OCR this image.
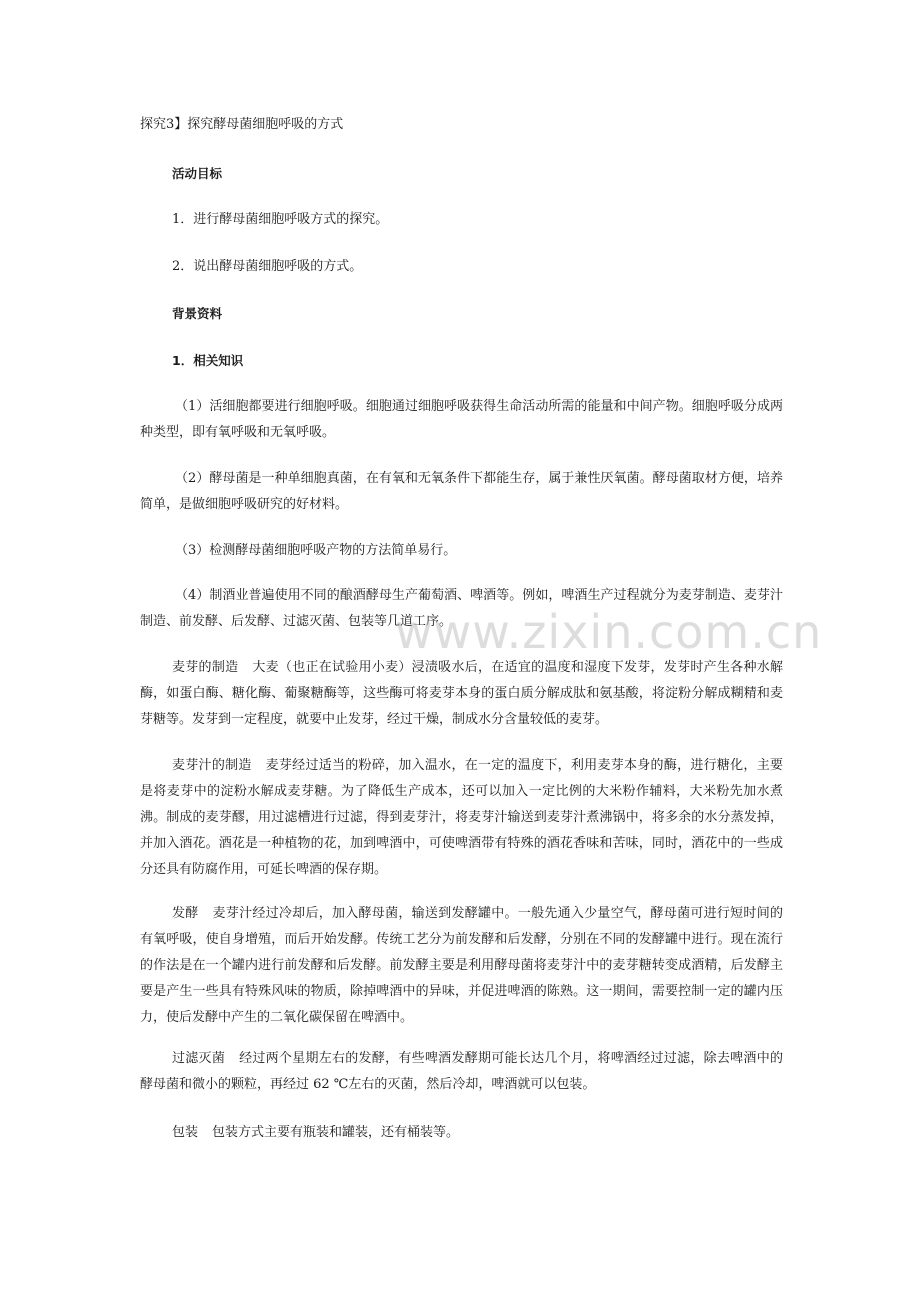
探究3】探究酵母菌细胞呼吸的方式
活动目标
1．进行酵母菌细胞呼吸方式的探究。
2．说出酵母菌细胞呼吸的方式。
背景资料
1．相关知识
（1）活细胞都要进行细胞呼吸。细胞通过细胞呼吸获得生命活动所需的能量和中间产物。细胞呼吸分成两种类型，即有氧呼吸和无氧呼吸。
（2）酵母菌是一种单细胞真菌，在有氧和无氧条件下都能生存，属于兼性厌氧菌。酵母菌取材方便，培养简单，是做细胞呼吸研究的好材料。
（3）检测酵母菌细胞呼吸产物的方法简单易行。
（4）制酒业普遍使用不同的酿酒酵母生产葡萄酒、啤酒等。例如，啤酒生产过程就分为麦芽制造、麦芽汁制造、前发酵、后发酵、过滤灭菌、包装等几道工序。
麦芽的制造 大麦（也正在试验用小麦）浸渍吸水后，在适宜的温度和湿度下发芽，发芽时产生各种水解酶，如蛋白酶、糖化酶、葡聚糖酶等，这些酶可将麦芽本身的蛋白质分解成肽和氨基酸，将淀粉分解成糊精和麦芽糖等。发芽到一定程度，就要中止发芽，经过干燥，制成水分含量较低的麦芽。
麦芽汁的制造 麦芽经过适当的粉碎，加入温水，在一定的温度下，利用麦芽本身的酶，进行糖化，主要是将麦芽中的淀粉水解成麦芽糖。为了降低生产成本，还可以加入一定比例的大米粉作辅料，大米粉先加水煮沸。制成的麦芽醪，用过滤槽进行过滤，得到麦芽汁，将麦芽汁输送到麦芽汁煮沸锅中，将多余的水分蒸发掉，并加入酒花。酒花是一种植物的花，加到啤酒中，可使啤酒带有特殊的酒花香味和苦味，同时，酒花中的一些成分还具有防腐作用，可延长啤酒的保存期。
发酵 麦芽汁经过冷却后，加入酵母菌，输送到发酵罐中。一般先通入少量空气，酵母菌可进行短时间的有氧呼吸，使自身增殖，而后开始发酵。传统工艺分为前发酵和后发酵，分别在不同的发酵罐中进行。现在流行的作法是在一个罐内进行前发酵和后发酵。前发酵主要是利用酵母菌将麦芽汁中的麦芽糖转变成酒精，后发酵主要是产生一些具有特殊风味的物质，除掉啤酒中的异味，并促进啤酒的陈熟。这一期间，需要控制一定的罐内压力，使后发酵中产生的二氧化碳保留在啤酒中。
过滤灭菌 经过两个星期左右的发酵，有些啤酒发酵期可能长达几个月，将啤酒经过过滤，除去啤酒中的酵母菌和微小的颗粒，再经过 62 ℃左右的灭菌，然后冷却，啤酒就可以包装。
包装 包装方式主要有瓶装和罐装，还有桶装等。
www.zixin.com.cn
